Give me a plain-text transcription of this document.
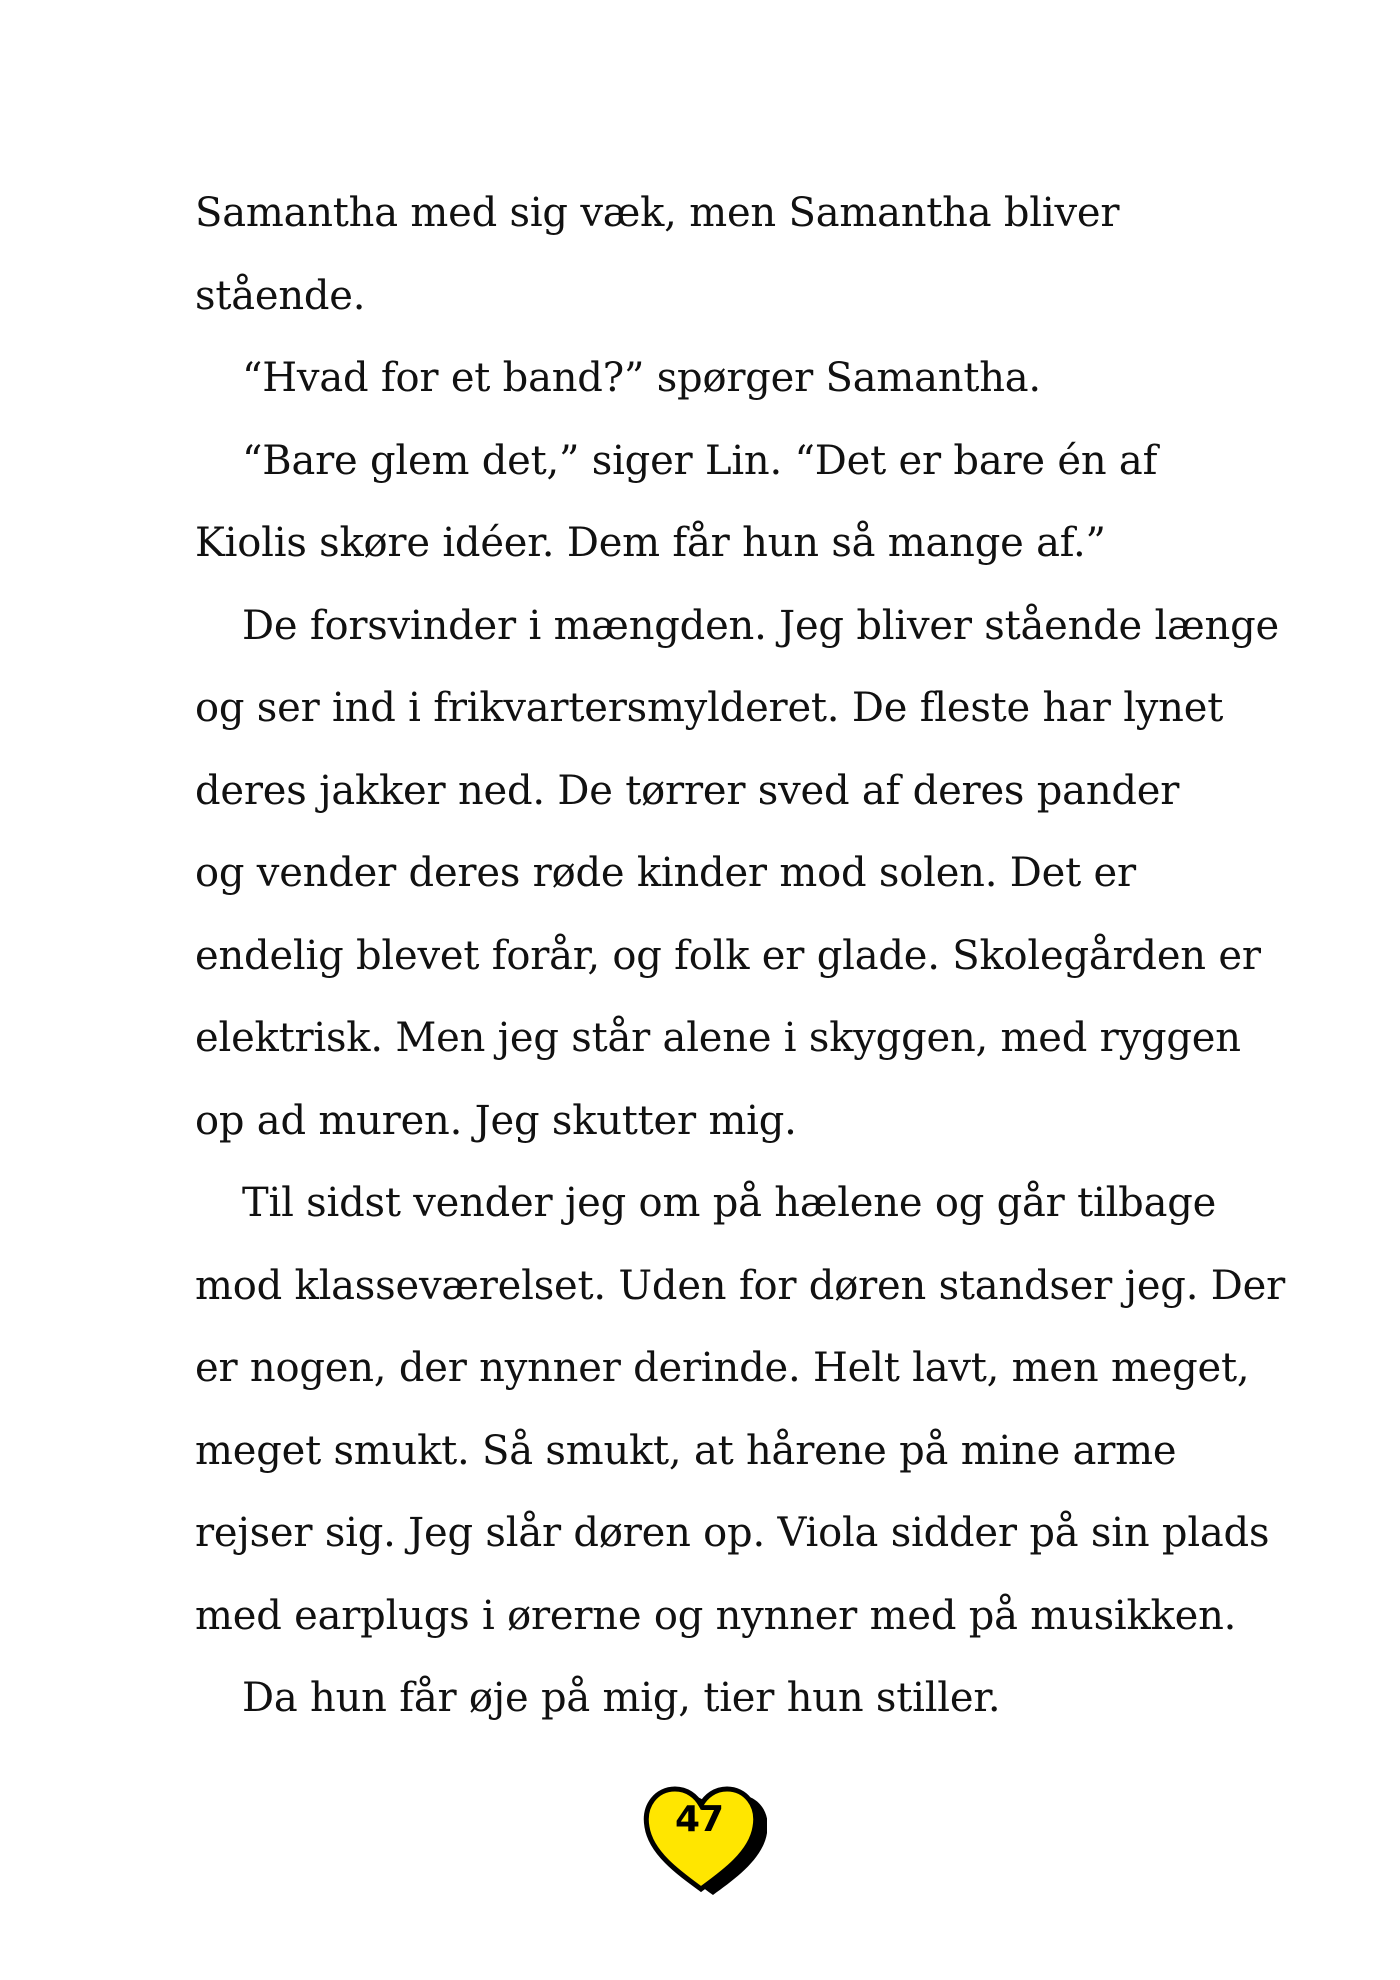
Samantha med sig væk, men Samantha bliver
stående.
“Hvad for et band?” spørger Samantha.
“Bare glem det,” siger Lin. “Det er bare én af
Kiolis skøre idéer. Dem får hun så mange af.”
De forsvinder i mængden. Jeg bliver stående længe
og ser ind i frikvartersmylderet. De fleste har lynet
deres jakker ned. De tørrer sved af deres pander
og vender deres røde kinder mod solen. Det er
endelig blevet forår, og folk er glade. Skolegården er
elektrisk. Men jeg står alene i skyggen, med ryggen
op ad muren. Jeg skutter mig.
Til sidst vender jeg om på hælene og går tilbage
mod klasseværelset. Uden for døren standser jeg. Der
er nogen, der nynner derinde. Helt lavt, men meget,
meget smukt. Så smukt, at hårene på mine arme
rejser sig. Jeg slår døren op. Viola sidder på sin plads
med earplugs i ørerne og nynner med på musikken.
Da hun får øje på mig, tier hun stiller.
47
